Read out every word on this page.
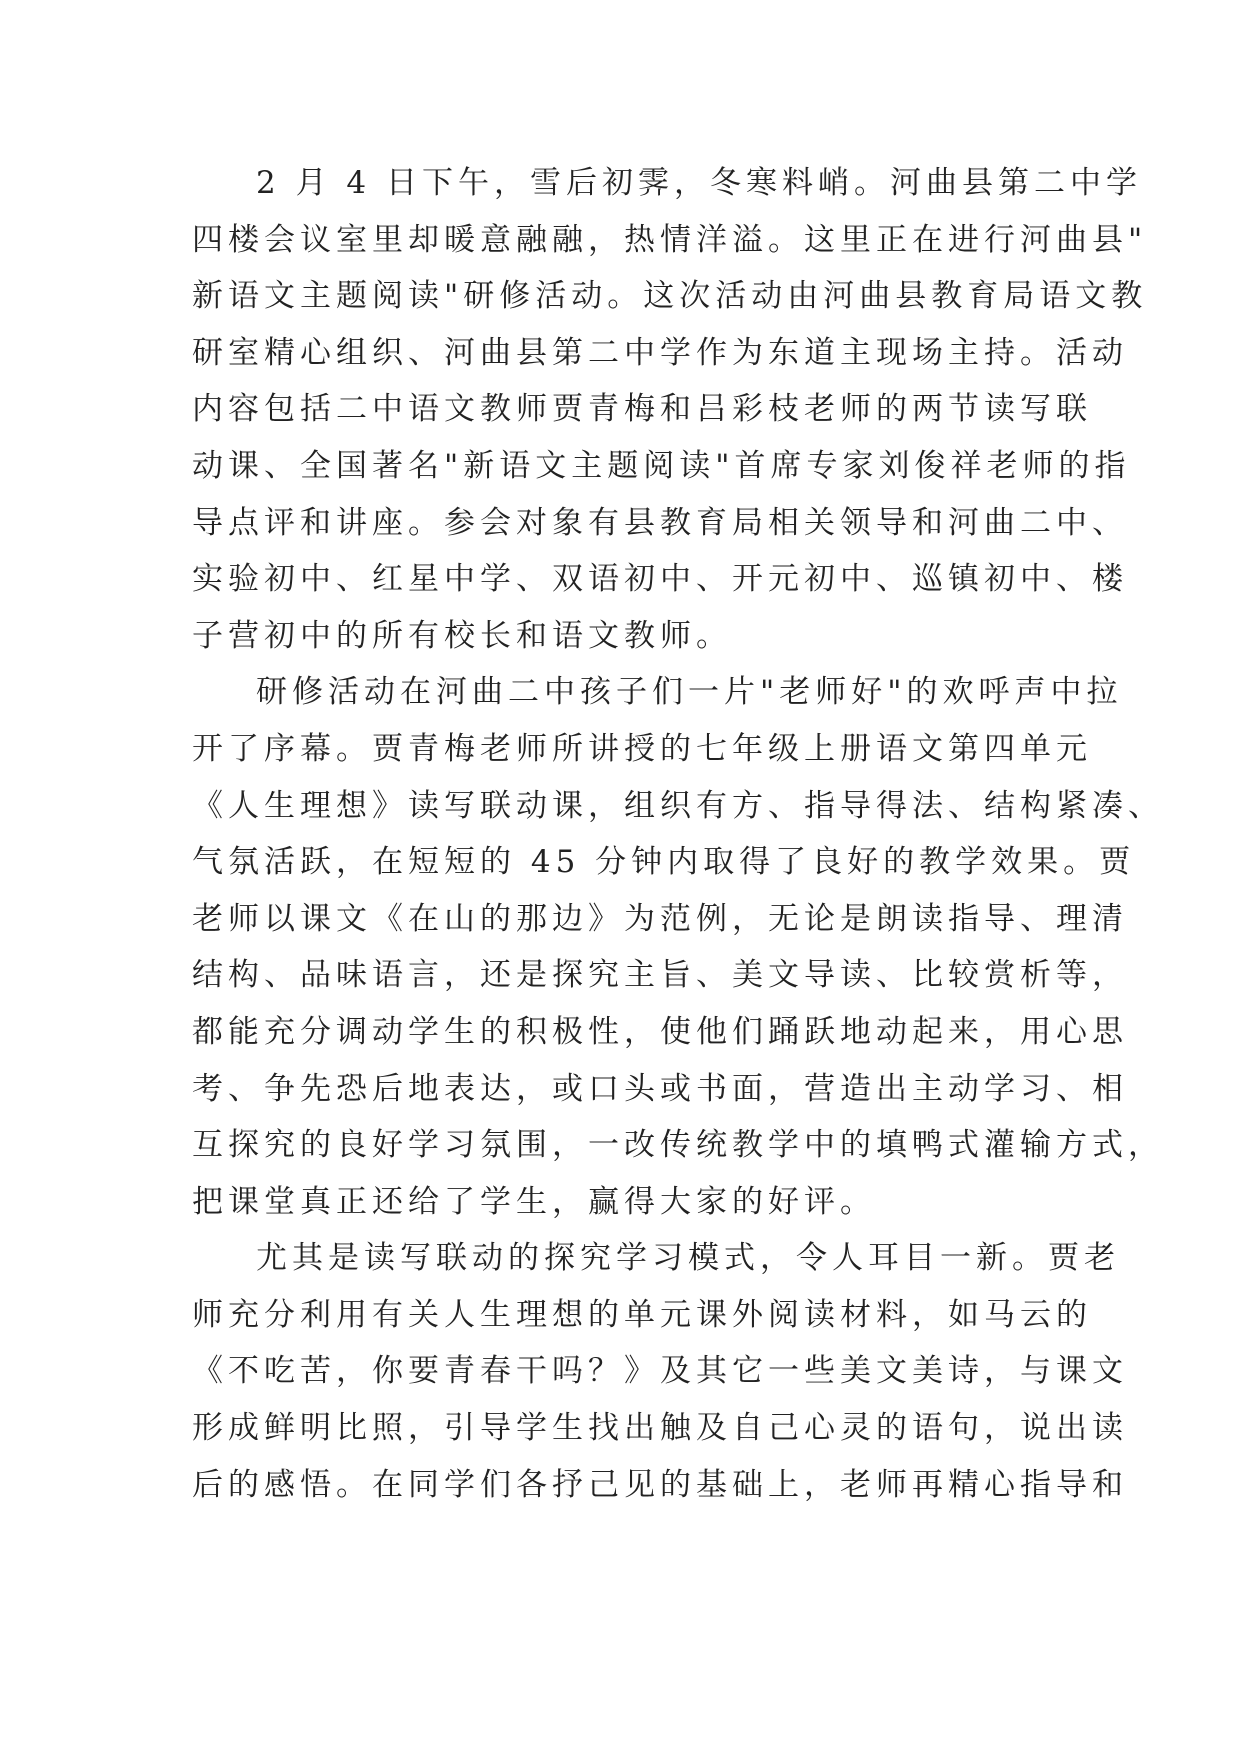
2 月 4 日下午，雪后初霁，冬寒料峭。河曲县第二中学
四楼会议室里却暖意融融，热情洋溢。这里正在进行河曲县"
新语文主题阅读"研修活动。这次活动由河曲县教育局语文教
研室精心组织、河曲县第二中学作为东道主现场主持。活动
内容包括二中语文教师贾青梅和吕彩枝老师的两节读写联
动课、全国著名"新语文主题阅读"首席专家刘俊祥老师的指
导点评和讲座。参会对象有县教育局相关领导和河曲二中、
实验初中、红星中学、双语初中、开元初中、巡镇初中、楼
子营初中的所有校长和语文教师。
研修活动在河曲二中孩子们一片"老师好"的欢呼声中拉
开了序幕。贾青梅老师所讲授的七年级上册语文第四单元
《人生理想》读写联动课，组织有方、指导得法、结构紧凑、
气氛活跃，在短短的 45 分钟内取得了良好的教学效果。贾
老师以课文《在山的那边》为范例，无论是朗读指导、理清
结构、品味语言，还是探究主旨、美文导读、比较赏析等，
都能充分调动学生的积极性，使他们踊跃地动起来，用心思
考、争先恐后地表达，或口头或书面，营造出主动学习、相
互探究的良好学习氛围，一改传统教学中的填鸭式灌输方式，
把课堂真正还给了学生，赢得大家的好评。
尤其是读写联动的探究学习模式，令人耳目一新。贾老
师充分利用有关人生理想的单元课外阅读材料，如马云的
《不吃苦，你要青春干吗？》及其它一些美文美诗，与课文
形成鲜明比照，引导学生找出触及自己心灵的语句，说出读
后的感悟。在同学们各抒己见的基础上，老师再精心指导和
